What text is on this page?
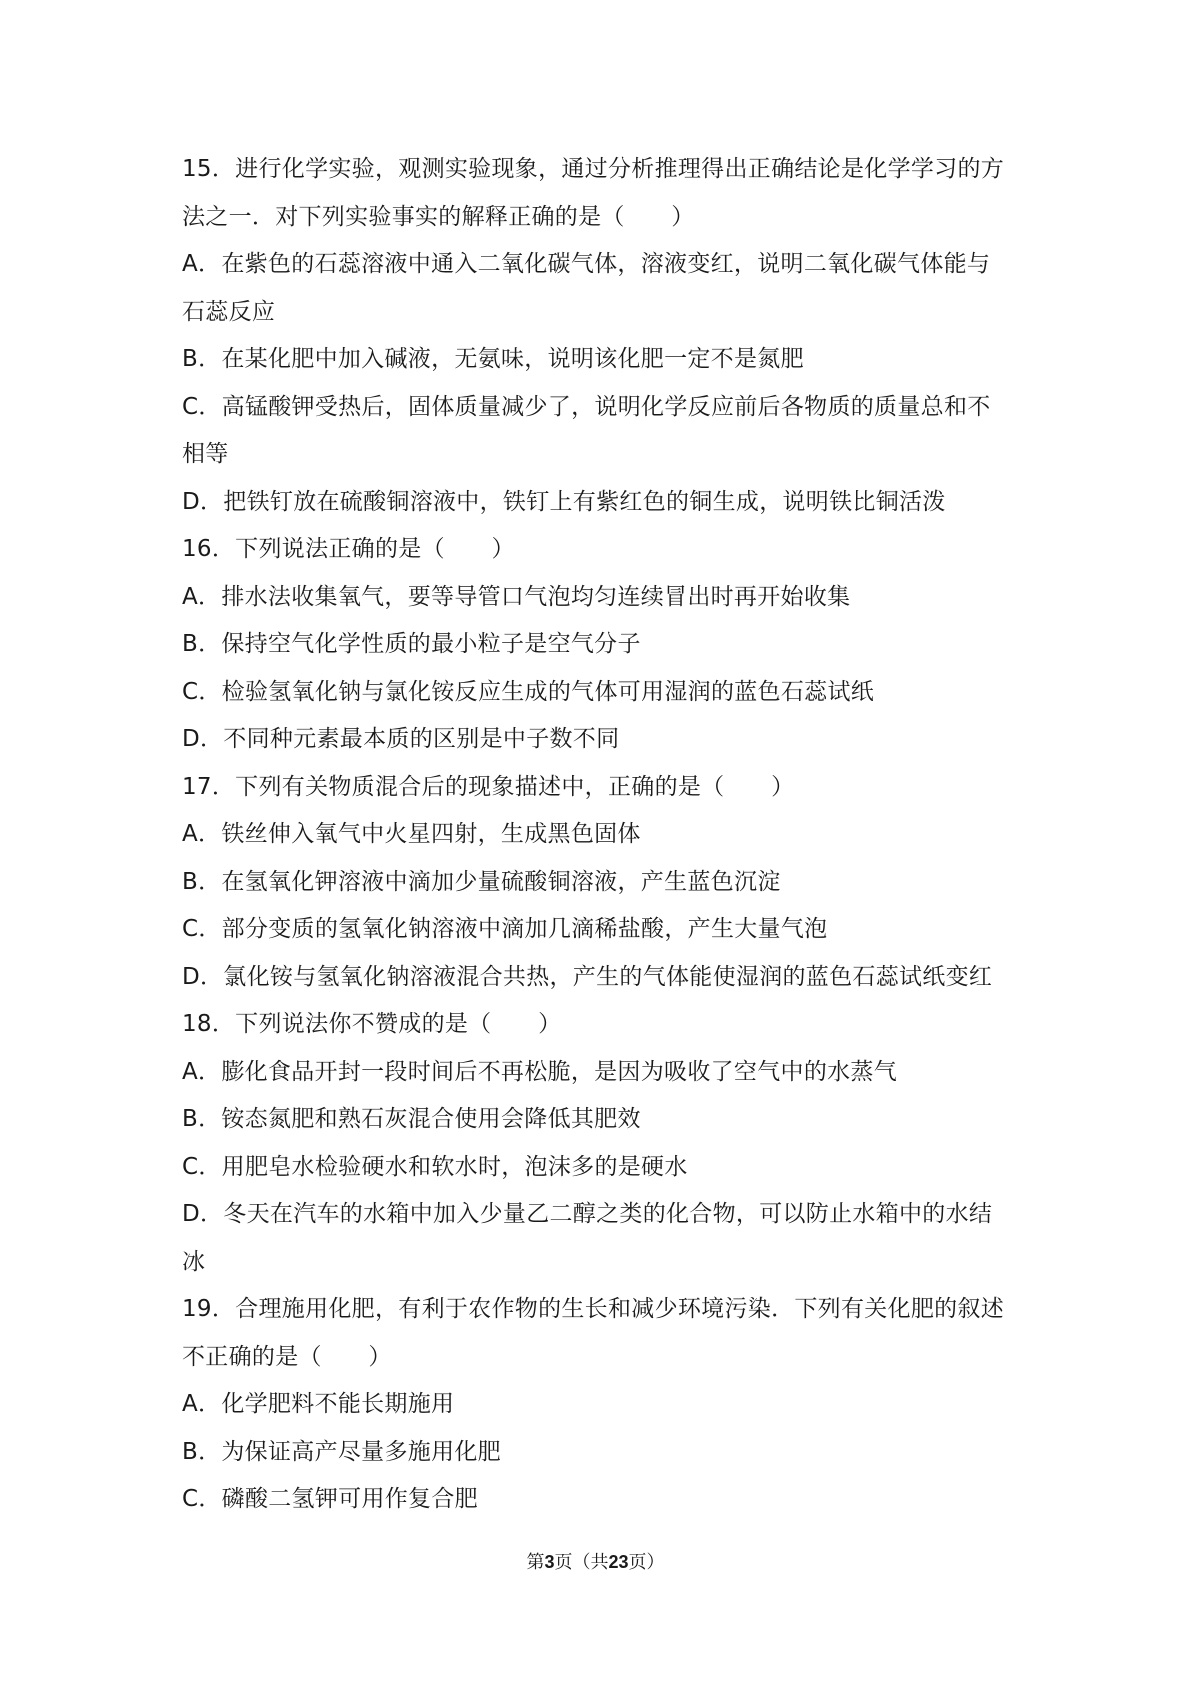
15．进行化学实验，观测实验现象，通过分析推理得出正确结论是化学学习的方
法之一．对下列实验事实的解释正确的是（　　）
A．在紫色的石蕊溶液中通入二氧化碳气体，溶液变红，说明二氧化碳气体能与
石蕊反应
B．在某化肥中加入碱液，无氨味，说明该化肥一定不是氮肥
C．高锰酸钾受热后，固体质量减少了，说明化学反应前后各物质的质量总和不
相等
D．把铁钉放在硫酸铜溶液中，铁钉上有紫红色的铜生成，说明铁比铜活泼
16．下列说法正确的是（　　）
A．排水法收集氧气，要等导管口气泡均匀连续冒出时再开始收集
B．保持空气化学性质的最小粒子是空气分子
C．检验氢氧化钠与氯化铵反应生成的气体可用湿润的蓝色石蕊试纸
D．不同种元素最本质的区别是中子数不同
17．下列有关物质混合后的现象描述中，正确的是（　　）
A．铁丝伸入氧气中火星四射，生成黑色固体
B．在氢氧化钾溶液中滴加少量硫酸铜溶液，产生蓝色沉淀
C．部分变质的氢氧化钠溶液中滴加几滴稀盐酸，产生大量气泡
D．氯化铵与氢氧化钠溶液混合共热，产生的气体能使湿润的蓝色石蕊试纸变红
18．下列说法你不赞成的是（　　）
A．膨化食品开封一段时间后不再松脆，是因为吸收了空气中的水蒸气
B．铵态氮肥和熟石灰混合使用会降低其肥效
C．用肥皂水检验硬水和软水时，泡沫多的是硬水
D．冬天在汽车的水箱中加入少量乙二醇之类的化合物，可以防止水箱中的水结
冰
19．合理施用化肥，有利于农作物的生长和减少环境污染．下列有关化肥的叙述
不正确的是（　　）
A．化学肥料不能长期施用
B．为保证高产尽量多施用化肥
C．磷酸二氢钾可用作复合肥
第3页（共23页）
